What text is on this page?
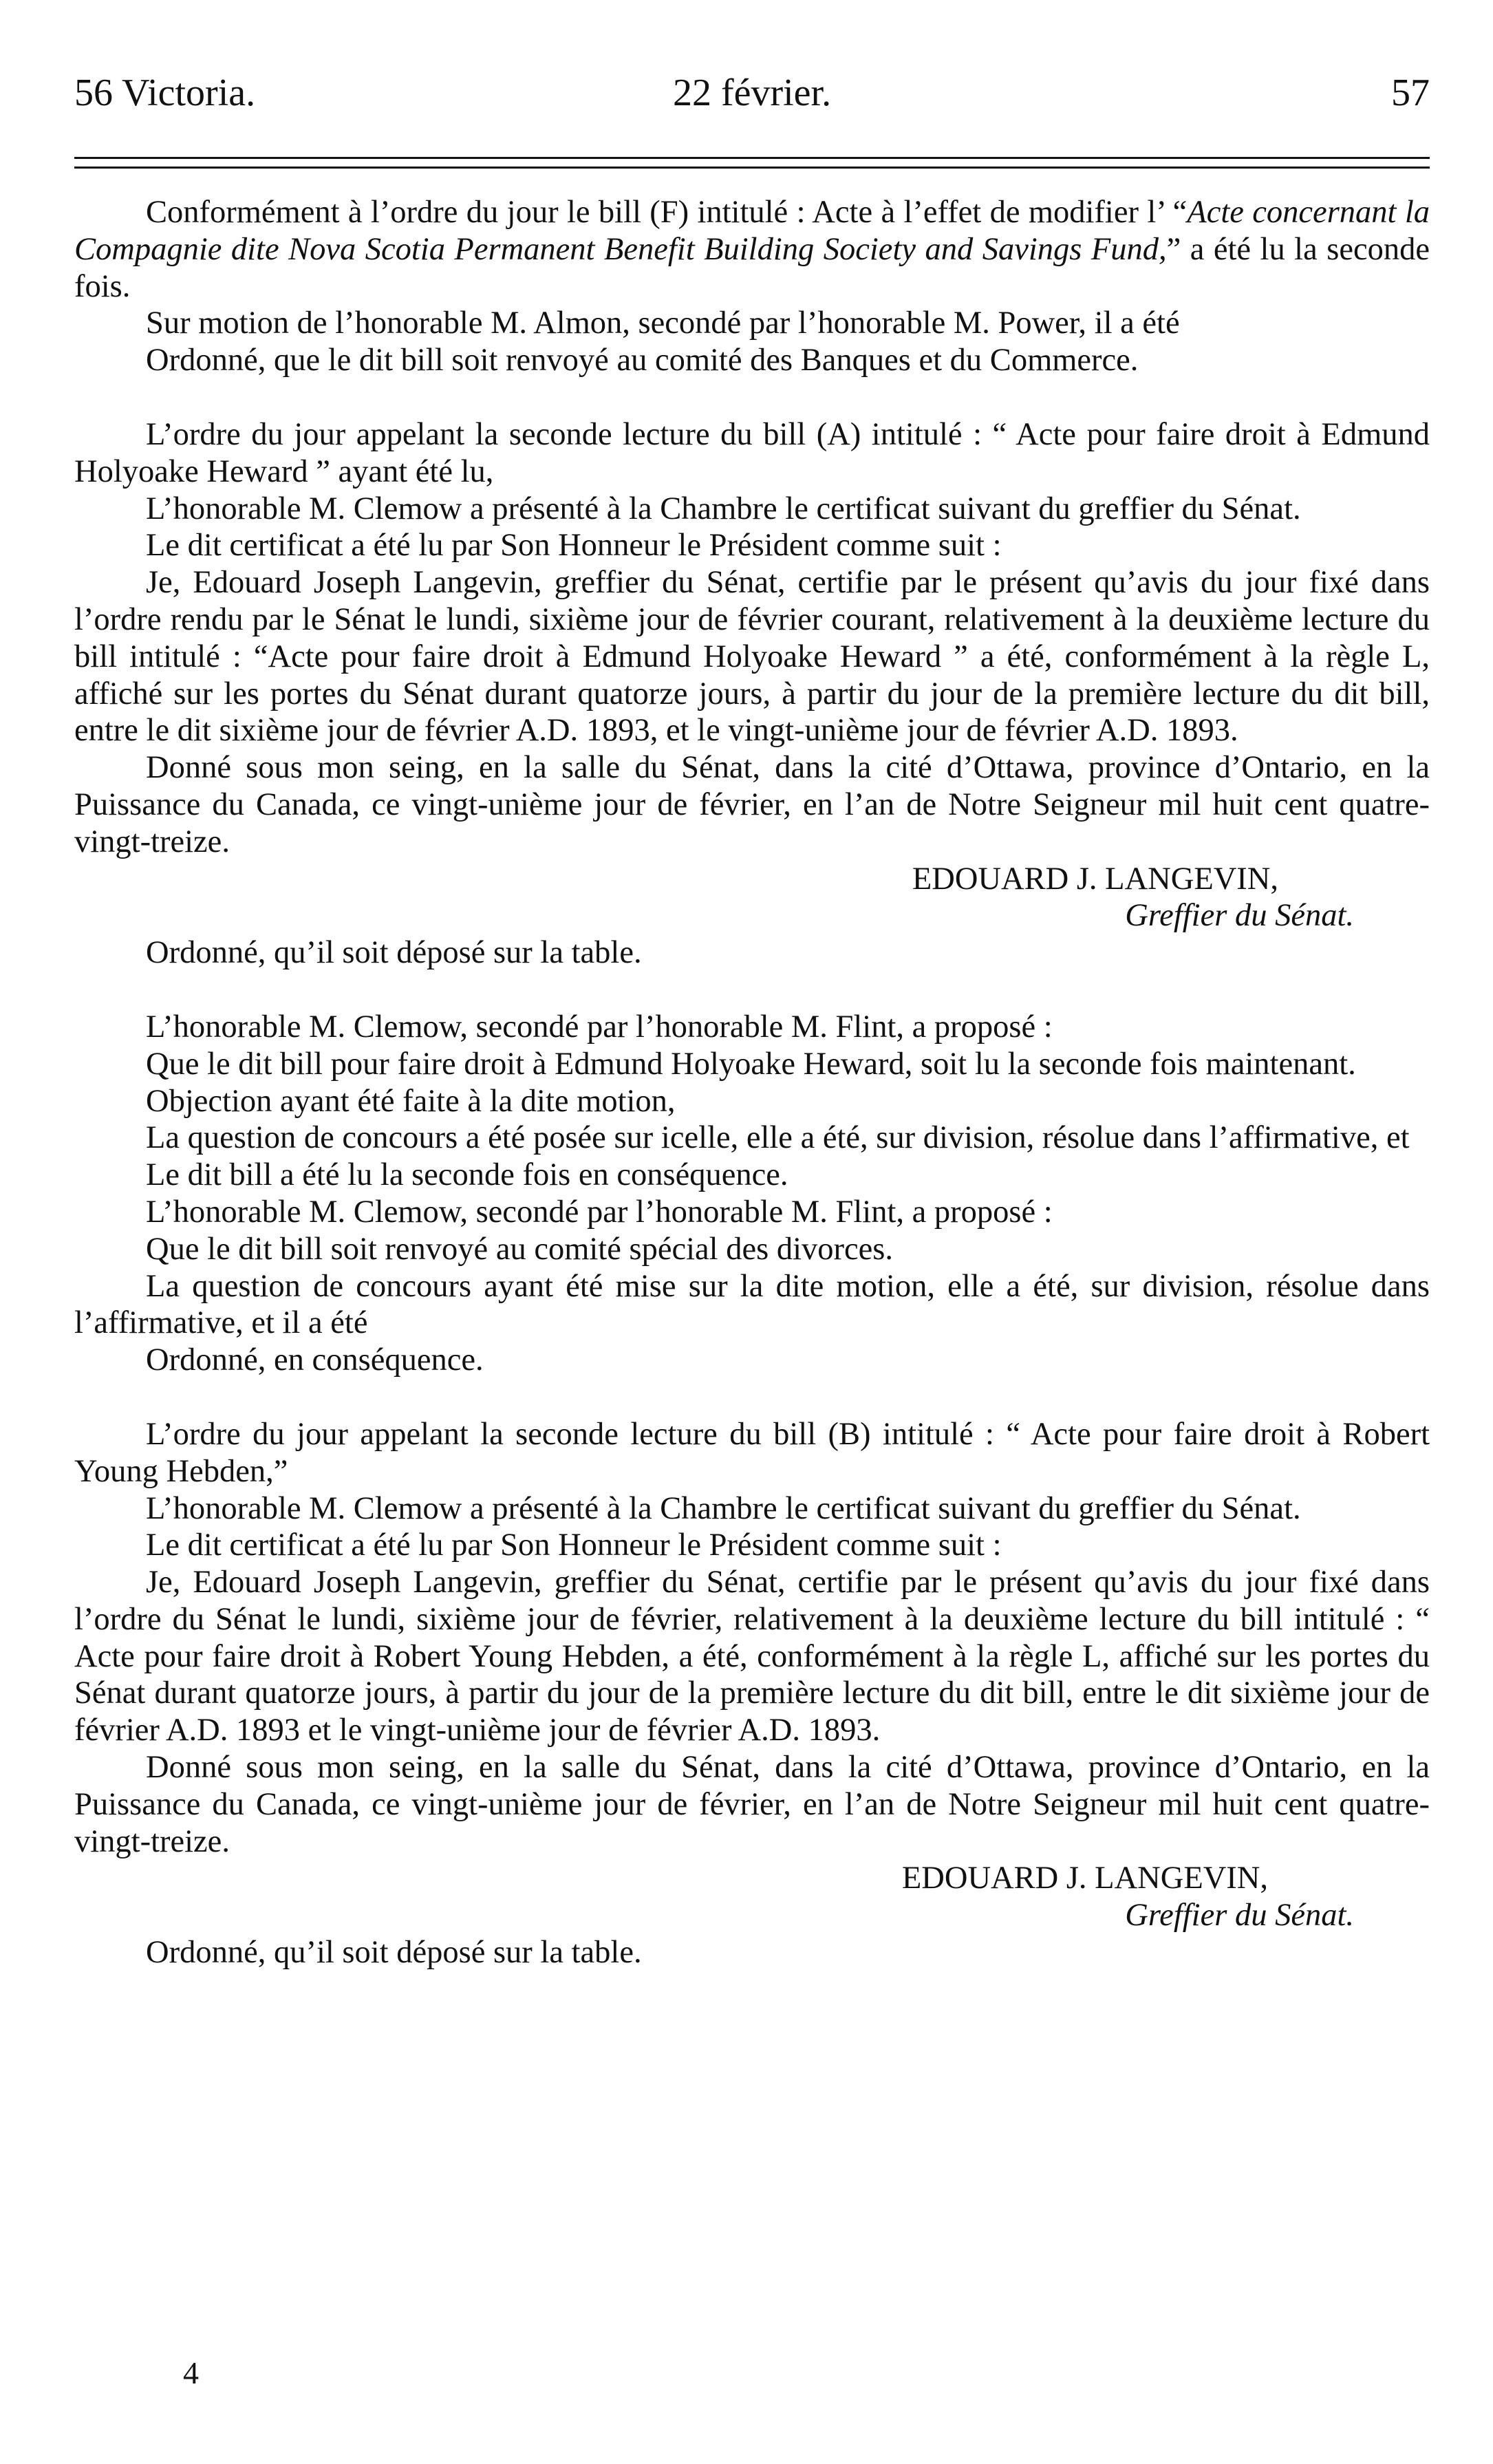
56 Victoria.	22 février.	57

Conformément à l’ordre du jour le bill (F) intitulé : Acte à l’effet de modifier l’ “Acte concernant la Compagnie dite Nova Scotia Permanent Benefit Building Society and Savings Fund,” a été lu la seconde fois.

Sur motion de l’honorable M. Almon, secondé par l’honorable M. Power, il a été

Ordonné, que le dit bill soit renvoyé au comité des Banques et du Commerce.

L’ordre du jour appelant la seconde lecture du bill (A) intitulé : “ Acte pour faire droit à Edmund Holyoake Heward ” ayant été lu,

L’honorable M. Clemow a présenté à la Chambre le certificat suivant du greffier du Sénat.

Le dit certificat a été lu par Son Honneur le Président comme suit :

Je, Edouard Joseph Langevin, greffier du Sénat, certifie par le présent qu’avis du jour fixé dans l’ordre rendu par le Sénat le lundi, sixième jour de février courant, relativement à la deuxième lecture du bill intitulé : “Acte pour faire droit à Edmund Holyoake Heward ” a été, conformément à la règle L, affiché sur les portes du Sénat durant quatorze jours, à partir du jour de la première lecture du dit bill, entre le dit sixième jour de février A.D. 1893, et le vingt-unième jour de février A.D. 1893.

Donné sous mon seing, en la salle du Sénat, dans la cité d’Ottawa, province d’Ontario, en la Puissance du Canada, ce vingt-unième jour de février, en l’an de Notre Seigneur mil huit cent quatre-vingt-treize.

EDOUARD J. LANGEVIN,

Greffier du Sénat.

Ordonné, qu’il soit déposé sur la table.

L’honorable M. Clemow, secondé par l’honorable M. Flint, a proposé :

Que le dit bill pour faire droit à Edmund Holyoake Heward, soit lu la seconde fois maintenant.

Objection ayant été faite à la dite motion,

La question de concours a été posée sur icelle, elle a été, sur division, résolue dans l’affirmative, et

Le dit bill a été lu la seconde fois en conséquence.

L’honorable M. Clemow, secondé par l’honorable M. Flint, a proposé :

Que le dit bill soit renvoyé au comité spécial des divorces.

La question de concours ayant été mise sur la dite motion, elle a été, sur division, résolue dans l’affirmative, et il a été

Ordonné, en conséquence.

L’ordre du jour appelant la seconde lecture du bill (B) intitulé : “ Acte pour faire droit à Robert Young Hebden,”

L’honorable M. Clemow a présenté à la Chambre le certificat suivant du greffier du Sénat.

Le dit certificat a été lu par Son Honneur le Président comme suit :

Je, Edouard Joseph Langevin, greffier du Sénat, certifie par le présent qu’avis du jour fixé dans l’ordre du Sénat le lundi, sixième jour de février, relativement à la deuxième lecture du bill intitulé : “ Acte pour faire droit à Robert Young Hebden, a été, conformément à la règle L, affiché sur les portes du Sénat durant quatorze jours, à partir du jour de la première lecture du dit bill, entre le dit sixième jour de février A.D. 1893 et le vingt-unième jour de février A.D. 1893.

Donné sous mon seing, en la salle du Sénat, dans la cité d’Ottawa, province d’Ontario, en la Puissance du Canada, ce vingt-unième jour de février, en l’an de Notre Seigneur mil huit cent quatre-vingt-treize.

EDOUARD J. LANGEVIN,

Greffier du Sénat.

Ordonné, qu’il soit déposé sur la table.

4
